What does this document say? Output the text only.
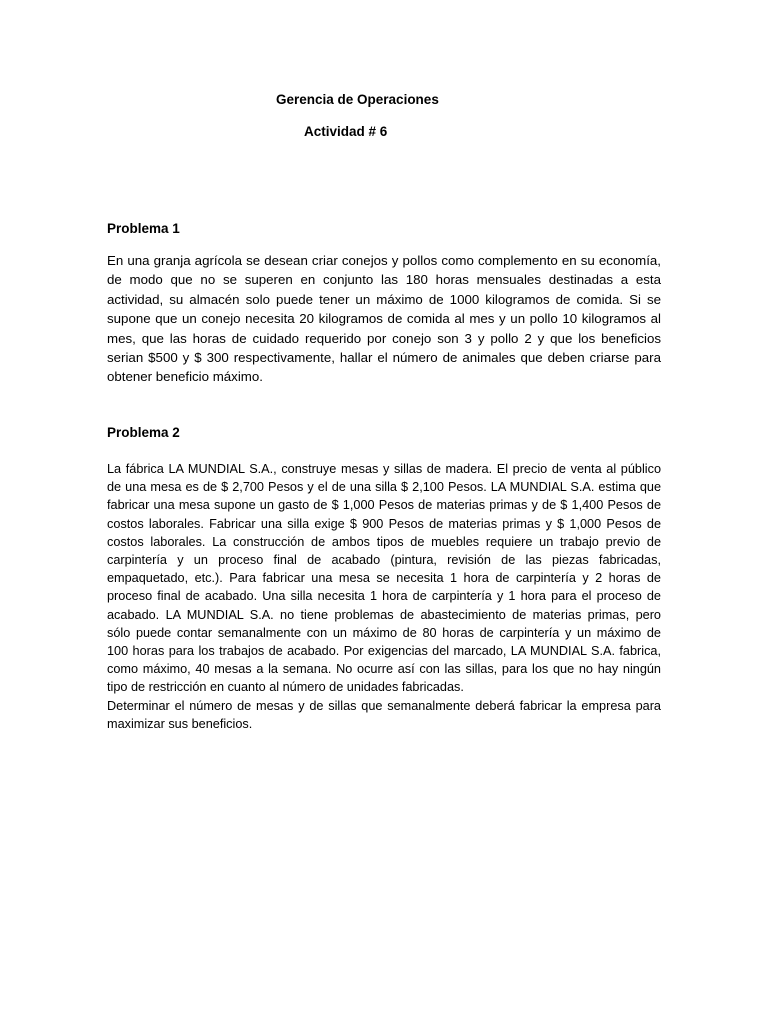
Gerencia de Operaciones
Actividad # 6
Problema 1
En una granja agrícola se desean criar conejos y pollos como complemento en su economía,
de modo que no se superen en conjunto las 180 horas mensuales destinadas a esta
actividad, su almacén solo puede tener un máximo de 1000 kilogramos de comida. Si se
supone que un conejo necesita 20 kilogramos de comida al mes y un pollo 10 kilogramos al
mes, que las horas de cuidado requerido por conejo son 3 y pollo 2 y que los beneficios
serian $500 y $ 300 respectivamente, hallar el número de animales que deben criarse para
obtener beneficio máximo.
Problema 2
La fábrica LA MUNDIAL S.A., construye mesas y sillas de madera. El precio de venta al público
de una mesa es de $ 2,700 Pesos y el de una silla $ 2,100 Pesos. LA MUNDIAL S.A. estima que
fabricar una mesa supone un gasto de $ 1,000 Pesos de materias primas y de $ 1,400 Pesos de
costos laborales. Fabricar una silla exige $ 900 Pesos de materias primas y $ 1,000 Pesos de
costos laborales. La construcción de ambos tipos de muebles requiere un trabajo previo de
carpintería y un proceso final de acabado (pintura, revisión de las piezas fabricadas,
empaquetado, etc.). Para fabricar una mesa se necesita 1 hora de carpintería y 2 horas de
proceso final de acabado. Una silla necesita 1 hora de carpintería y 1 hora para el proceso de
acabado. LA MUNDIAL S.A. no tiene problemas de abastecimiento de materias primas, pero
sólo puede contar semanalmente con un máximo de 80 horas de carpintería y un máximo de
100 horas para los trabajos de acabado. Por exigencias del marcado, LA MUNDIAL S.A. fabrica,
como máximo, 40 mesas a la semana. No ocurre así con las sillas, para los que no hay ningún
tipo de restricción en cuanto al número de unidades fabricadas.
Determinar el número de mesas y de sillas que semanalmente deberá fabricar la empresa para
maximizar sus beneficios.
